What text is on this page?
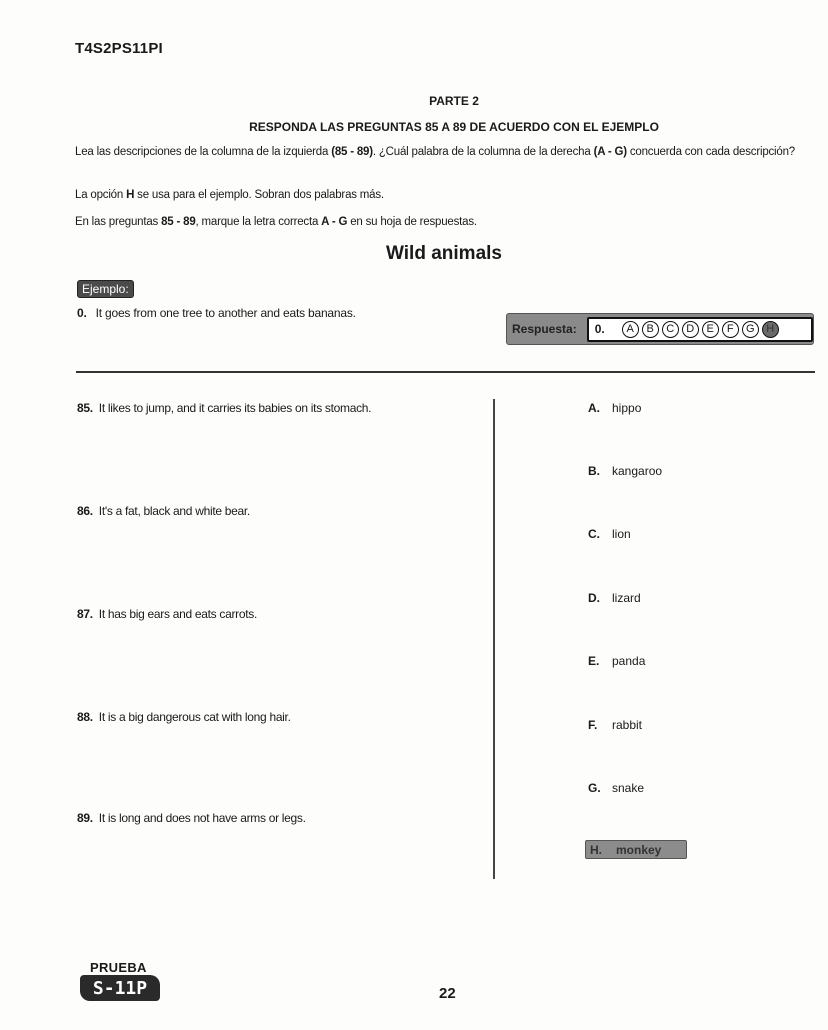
T4S2PS11PI
PARTE 2
RESPONDA LAS PREGUNTAS 85 A 89 DE ACUERDO CON EL EJEMPLO
Lea las descripciones de la columna de la izquierda (85 - 89). ¿Cuál palabra de la columna de la derecha (A - G) concuerda con cada descripción?
La opción H se usa para el ejemplo. Sobran dos palabras más.
En las preguntas 85 - 89, marque la letra correcta A - G en su hoja de respuestas.
Wild animals
Ejemplo:
0. It goes from one tree to another and eats bananas.
Respuesta:	0.	A	B	C	D	E	F	G	H
85. It likes to jump, and it carries its babies on its stomach.
86. It's a fat, black and white bear.
87. It has big ears and eats carrots.
88. It is a big dangerous cat with long hair.
89. It is long and does not have arms or legs.
A. hippo
B. kangaroo
C. lion
D. lizard
E. panda
F. rabbit
G. snake
H.	monkey
PRUEBA
S-11P	22
